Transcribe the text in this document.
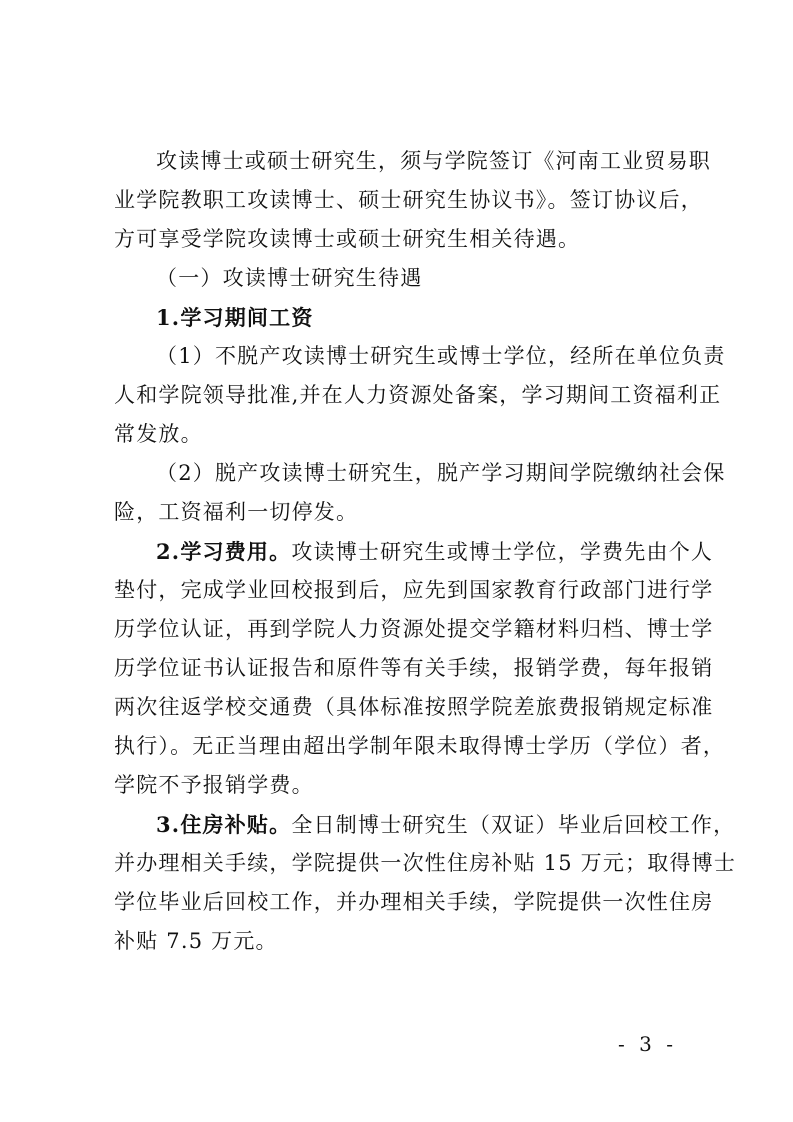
攻读博士或硕士研究生，须与学院签订《河南工业贸易职
业学院教职工攻读博士、硕士研究生协议书》。签订协议后，
方可享受学院攻读博士或硕士研究生相关待遇。
（一）攻读博士研究生待遇
1.学习期间工资
（1）不脱产攻读博士研究生或博士学位，经所在单位负责
人和学院领导批准,并在人力资源处备案，学习期间工资福利正
常发放。
（2）脱产攻读博士研究生，脱产学习期间学院缴纳社会保
险，工资福利一切停发。
2.学习费用。攻读博士研究生或博士学位，学费先由个人
垫付，完成学业回校报到后，应先到国家教育行政部门进行学
历学位认证，再到学院人力资源处提交学籍材料归档、博士学
历学位证书认证报告和原件等有关手续，报销学费，每年报销
两次往返学校交通费（具体标准按照学院差旅费报销规定标准
执行）。无正当理由超出学制年限未取得博士学历（学位）者，
学院不予报销学费。
3.住房补贴。全日制博士研究生（双证）毕业后回校工作，
并办理相关手续，学院提供一次性住房补贴 15 万元；取得博士
学位毕业后回校工作，并办理相关手续，学院提供一次性住房
补贴 7.5 万元。
- 3 -
